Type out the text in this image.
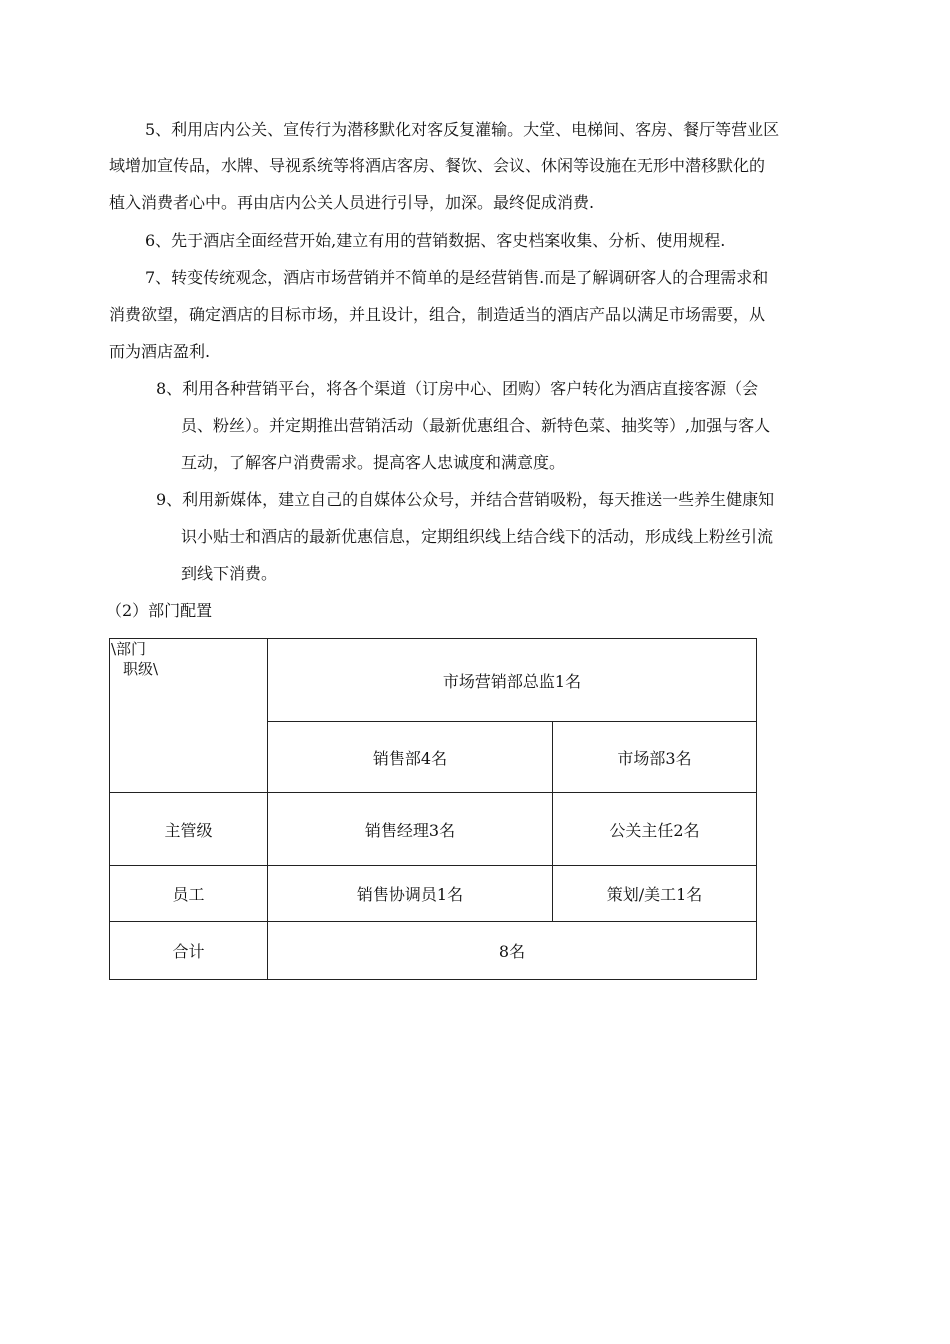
5、利用店内公关、宣传行为潜移默化对客反复灌输。大堂、电梯间、客房、餐厅等营业区
域增加宣传品，水牌、导视系统等将酒店客房、餐饮、会议、休闲等设施在无形中潜移默化的
植入消费者心中。再由店内公关人员进行引导，加深。最终促成消费.
6、先于酒店全面经营开始,建立有用的营销数据、客史档案收集、分析、使用规程.
7、转变传统观念，酒店市场营销并不简单的是经营销售.而是了解调研客人的合理需求和
消费欲望，确定酒店的目标市场，并且设计，组合，制造适当的酒店产品以满足市场需要，从
而为酒店盈利.
8、利用各种营销平台，将各个渠道（订房中心、团购）客户转化为酒店直接客源（会
员、粉丝）。并定期推出营销活动（最新优惠组合、新特色菜、抽奖等）,加强与客人
互动，了解客户消费需求。提高客人忠诚度和满意度。
9、利用新媒体，建立自己的自媒体公众号，并结合营销吸粉，每天推送一些养生健康知
识小贴士和酒店的最新优惠信息，定期组织线上结合线下的活动，形成线上粉丝引流
到线下消费。
（2）部门配置
\部门
职级\	市场营销部总监1名	
	销售部4名	市场部3名
主管级	销售经理3名	公关主任2名
员工	销售协调员1名	策划/美工1名
合计	8名	
